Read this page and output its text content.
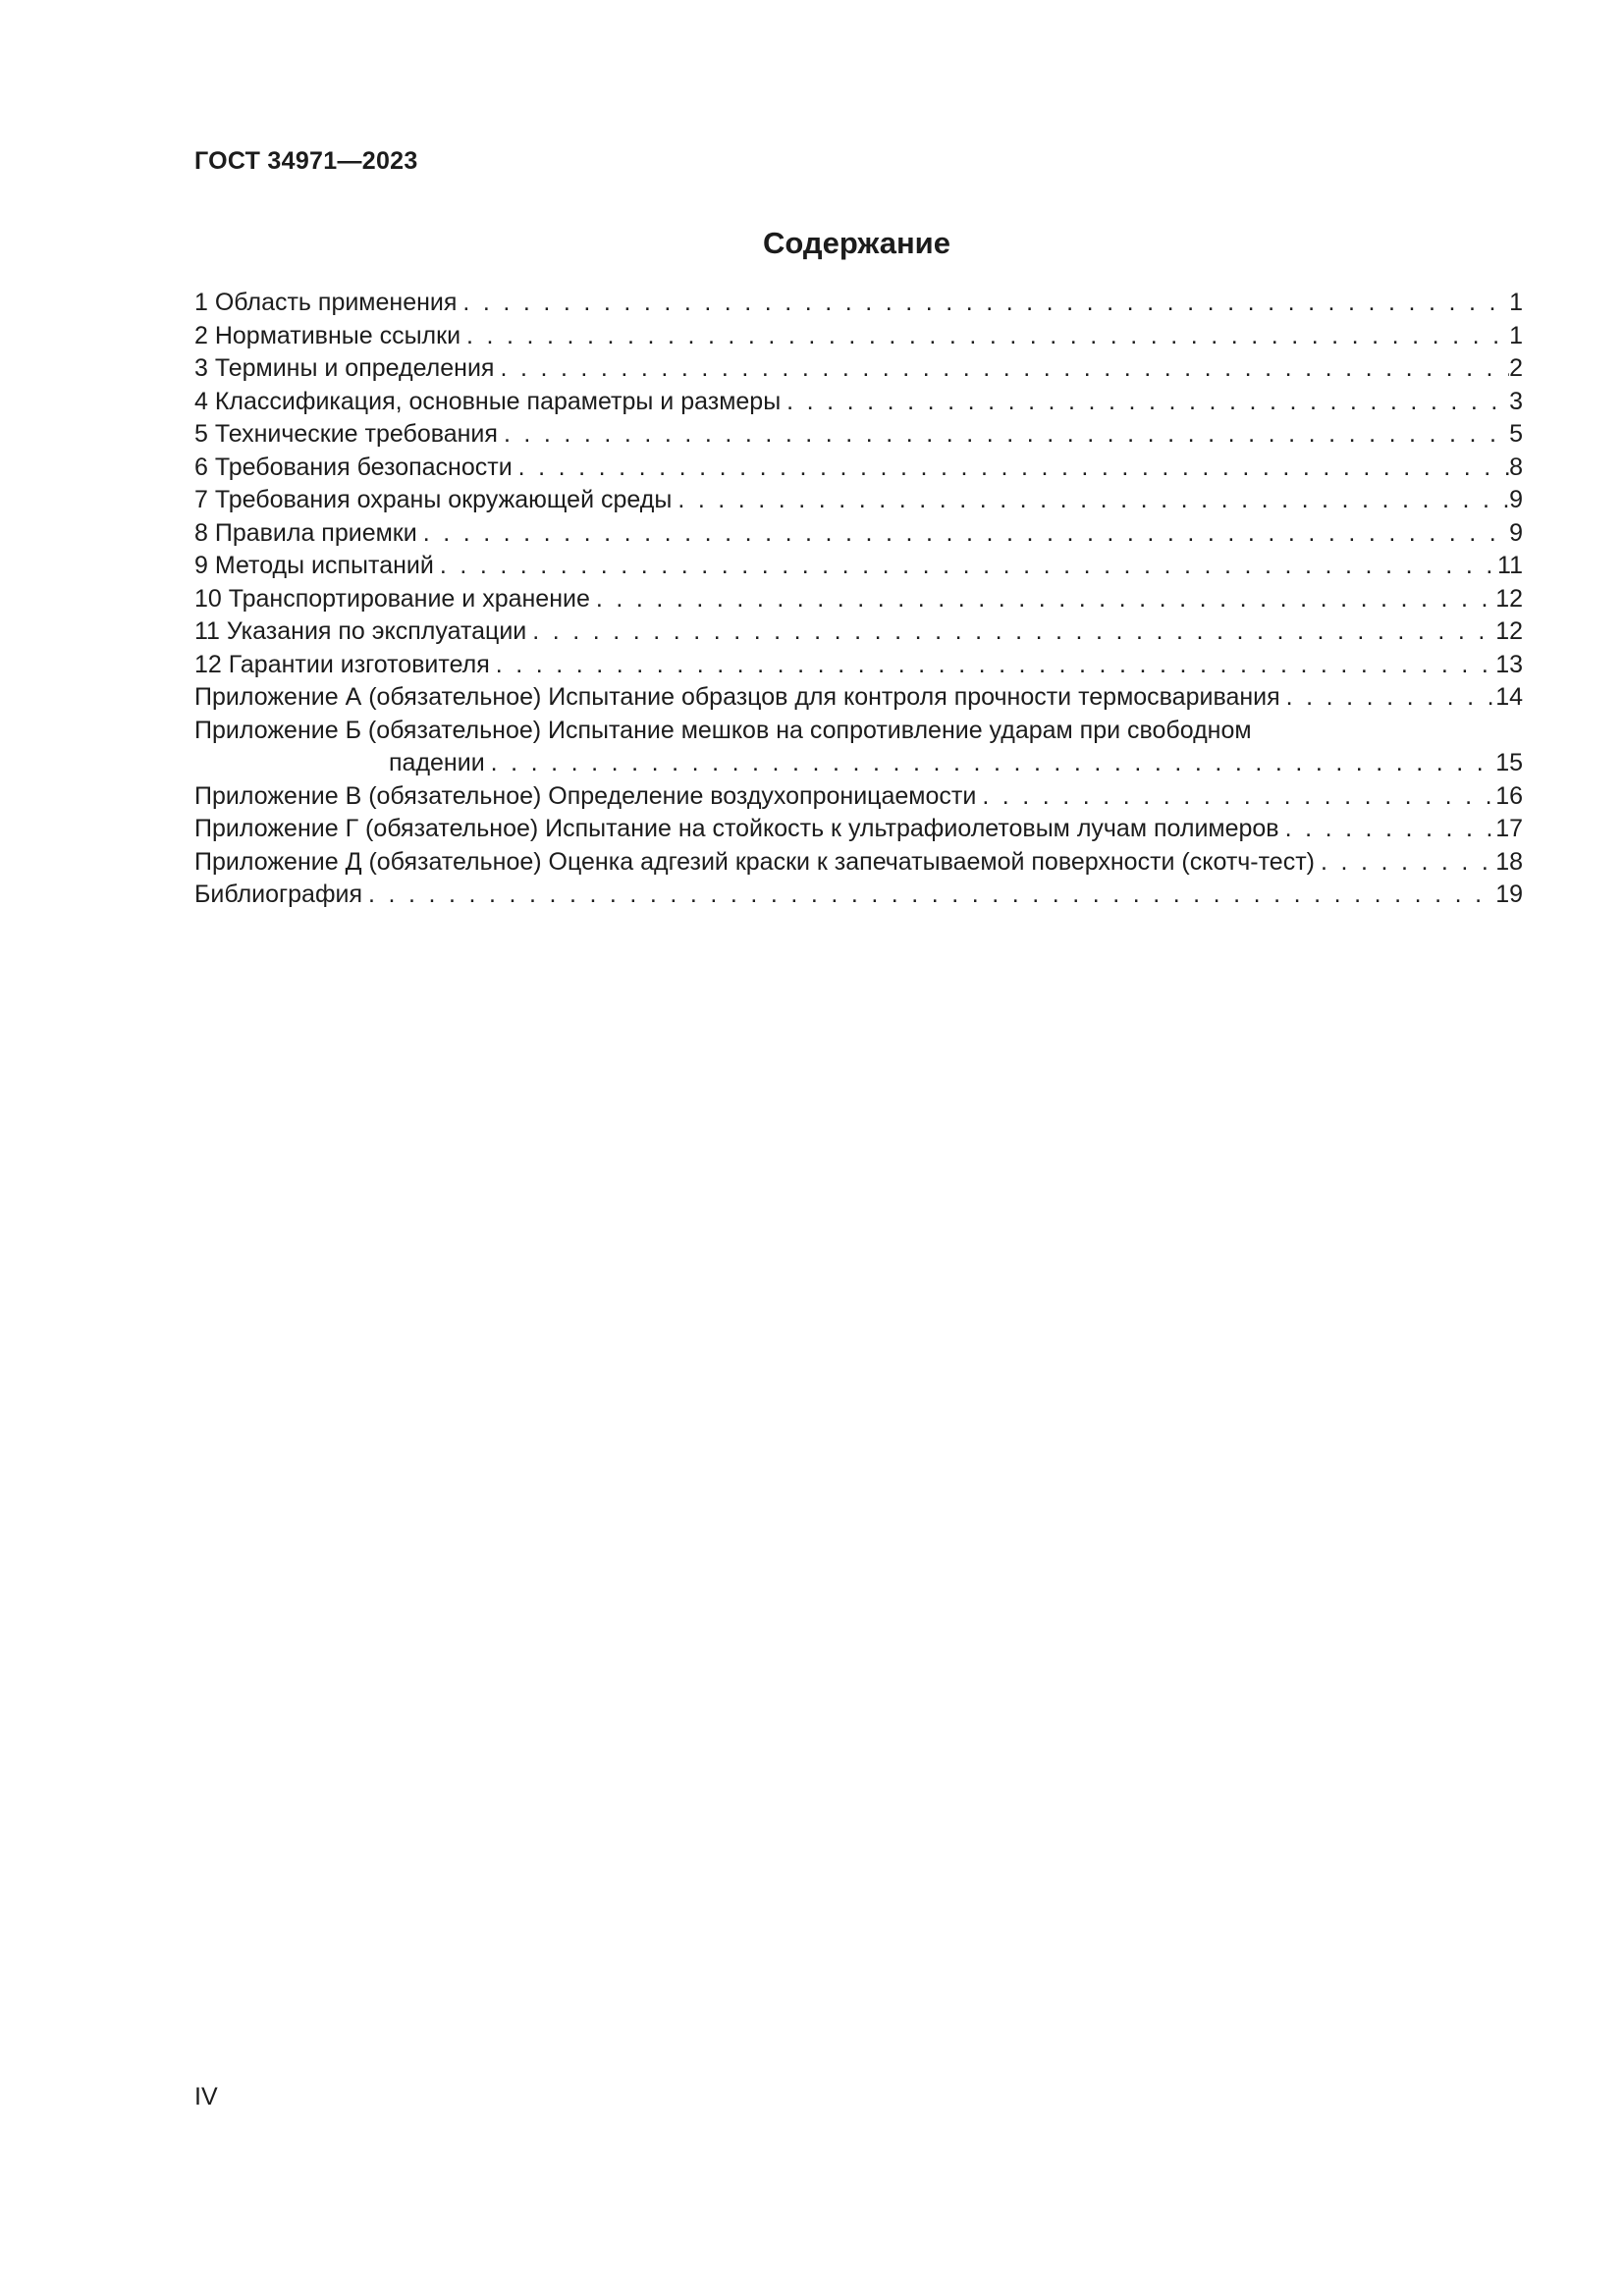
ГОСТ 34971—2023
Содержание
1 Область применения . . .	1
2 Нормативные ссылки . . .	1
3 Термины и определения . . .	2
4 Классификация, основные параметры и размеры . . .	3
5 Технические требования . . .	5
6 Требования безопасности . . .	8
7 Требования охраны окружающей среды . . .	9
8 Правила приемки . . .	9
9 Методы испытаний . . .	11
10 Транспортирование и хранение . . .	12
11 Указания по эксплуатации . . .	12
12 Гарантии изготовителя . . .	13
Приложение А (обязательное) Испытание образцов для контроля прочности термосваривания . . .	14
Приложение Б (обязательное) Испытание мешков на сопротивление ударам при свободном
падении . . .	15
Приложение В (обязательное) Определение воздухопроницаемости . . .	16
Приложение Г (обязательное) Испытание на стойкость к ультрафиолетовым лучам полимеров . . .	17
Приложение Д (обязательное) Оценка адгезий краски к запечатываемой поверхности (скотч-тест) . . .	18
Библиография . . .	19
IV
